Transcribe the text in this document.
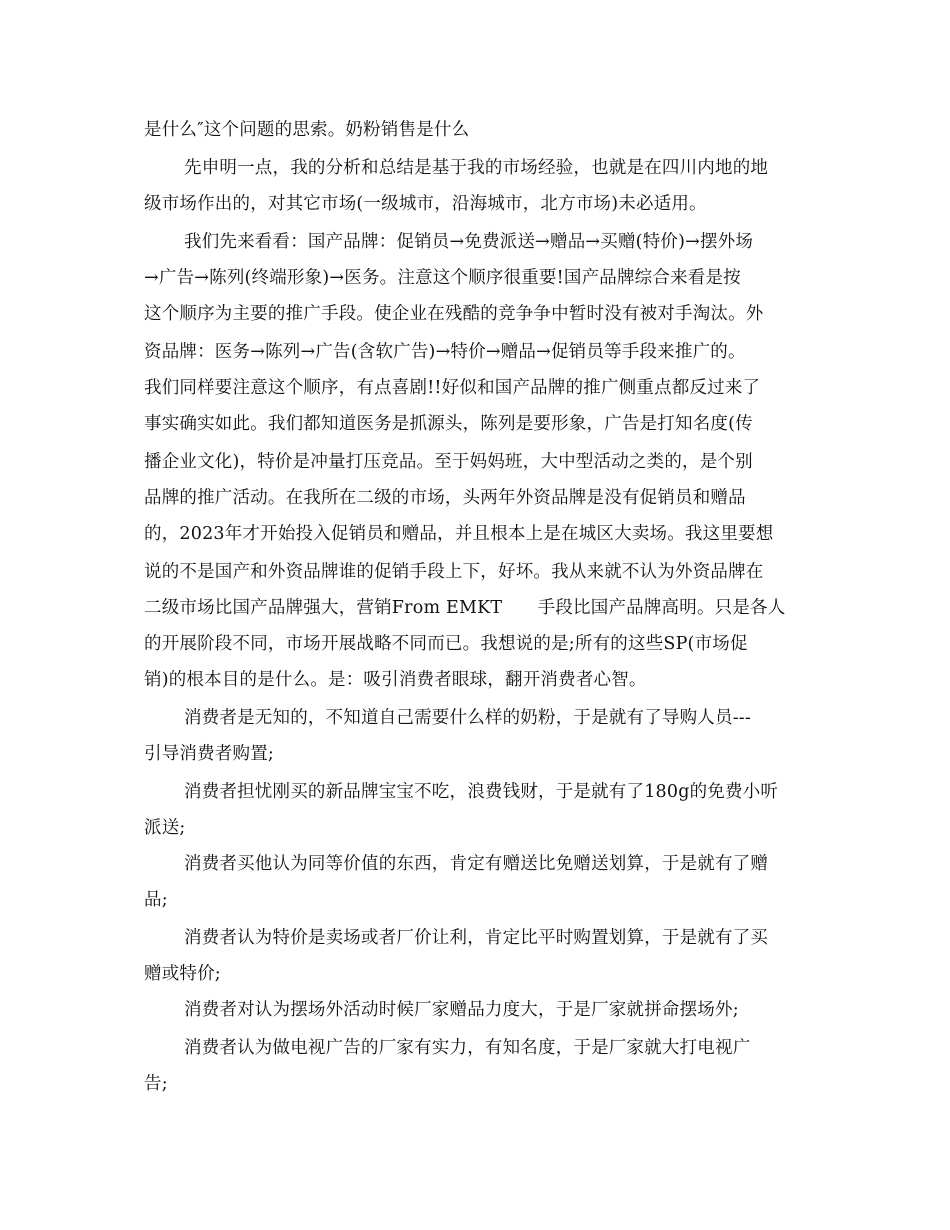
是什么″这个问题的思索。奶粉销售是什么
先申明一点，我的分析和总结是基于我的市场经验，也就是在四川内地的地
级市场作出的，对其它市场(一级城市，沿海城市，北方市场)未必适用。
我们先来看看：国产品牌：促销员→免费派送→赠品→买赠(特价)→摆外场
→广告→陈列(终端形象)→医务。注意这个顺序很重要!国产品牌综合来看是按
这个顺序为主要的推广手段。使企业在残酷的竞争争中暂时没有被对手淘汰。外
资品牌：医务→陈列→广告(含软广告)→特价→赠品→促销员等手段来推广的。
我们同样要注意这个顺序，有点喜剧!!好似和国产品牌的推广侧重点都反过来了
事实确实如此。我们都知道医务是抓源头，陈列是要形象，广告是打知名度(传
播企业文化)，特价是冲量打压竞品。至于妈妈班，大中型活动之类的，是个别
品牌的推广活动。在我所在二级的市场，头两年外资品牌是没有促销员和赠品
的，2023年才开始投入促销员和赠品，并且根本上是在城区大卖场。我这里要想
说的不是国产和外资品牌谁的促销手段上下，好坏。我从来就不认为外资品牌在
二级市场比国产品牌强大，营销From EMKT　　手段比国产品牌高明。只是各人
的开展阶段不同，市场开展战略不同而已。我想说的是;所有的这些SP(市场促
销)的根本目的是什么。是：吸引消费者眼球，翻开消费者心智。
消费者是无知的，不知道自己需要什么样的奶粉，于是就有了导购人员---
引导消费者购置;
消费者担忧刚买的新品牌宝宝不吃，浪费钱财，于是就有了180g的免费小听
派送;
消费者买他认为同等价值的东西，肯定有赠送比免赠送划算，于是就有了赠
品;
消费者认为特价是卖场或者厂价让利，肯定比平时购置划算，于是就有了买
赠或特价;
消费者对认为摆场外活动时候厂家赠品力度大，于是厂家就拼命摆场外;
消费者认为做电视广告的厂家有实力，有知名度，于是厂家就大打电视广
告;
